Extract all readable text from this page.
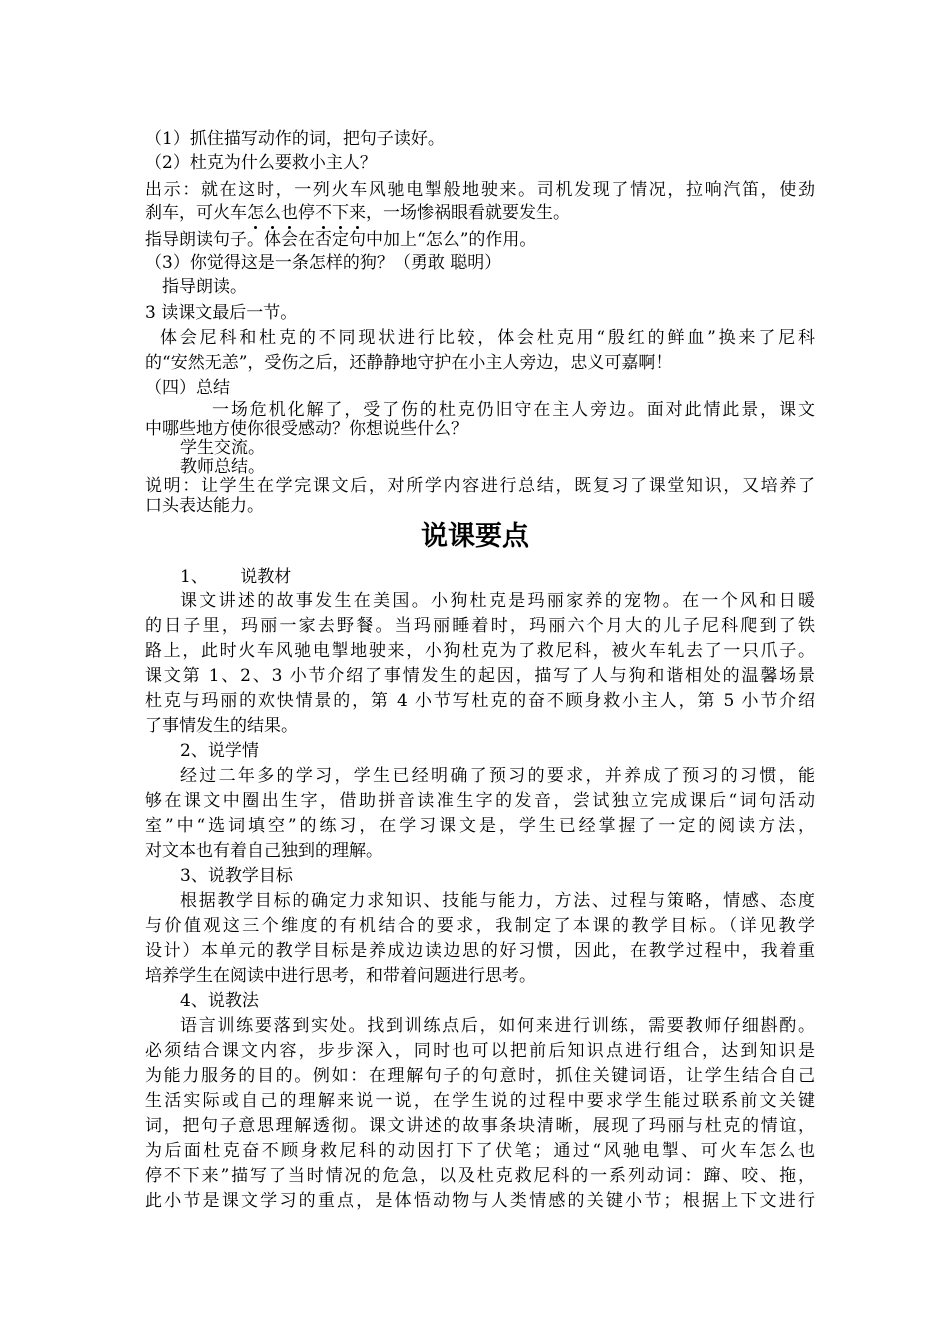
（1）抓住描写动作的词，把句子读好。
（2）杜克为什么要救小主人？
出示：就在这时，一列火车风驰电掣般地驶来。司机发现了情况，拉响汽笛，使劲
刹车，可火车怎么也停不下来，一场惨祸眼看就要发生。
指导朗读句子。体会在否定句中加上“怎么”的作用。
（3）你觉得这是一条怎样的狗？（勇敢 聪明）
指导朗读。
3 读课文最后一节。
体会尼科和杜克的不同现状进行比较，体会杜克用“殷红的鲜血”换来了尼科
的“安然无恙”，受伤之后，还静静地守护在小主人旁边，忠义可嘉啊！
（四）总结
一场危机化解了，受了伤的杜克仍旧守在主人旁边。面对此情此景，课文
中哪些地方使你很受感动？你想说些什么？
学生交流。
教师总结。
说明：让学生在学完课文后，对所学内容进行总结，既复习了课堂知识，又培养了
口头表达能力。
说课要点
1、      说教材
课文讲述的故事发生在美国。小狗杜克是玛丽家养的宠物。在一个风和日暖
的日子里，玛丽一家去野餐。当玛丽睡着时，玛丽六个月大的儿子尼科爬到了铁
路上，此时火车风驰电掣地驶来，小狗杜克为了救尼科，被火车轧去了一只爪子。
课文第 1、2、3 小节介绍了事情发生的起因，描写了人与狗和谐相处的温馨场景
杜克与玛丽的欢快情景的，第 4 小节写杜克的奋不顾身救小主人，第 5 小节介绍
了事情发生的结果。
2、说学情
经过二年多的学习，学生已经明确了预习的要求，并养成了预习的习惯，能
够在课文中圈出生字，借助拼音读准生字的发音，尝试独立完成课后“词句活动
室”中“选词填空”的练习，在学习课文是，学生已经掌握了一定的阅读方法，
对文本也有着自己独到的理解。
3、说教学目标
根据教学目标的确定力求知识、技能与能力，方法、过程与策略，情感、态度
与价值观这三个维度的有机结合的要求，我制定了本课的教学目标。（详见教学
设计）本单元的教学目标是养成边读边思的好习惯，因此，在教学过程中，我着重
培养学生在阅读中进行思考，和带着问题进行思考。
4、说教法
语言训练要落到实处。找到训练点后，如何来进行训练，需要教师仔细斟酌。
必须结合课文内容，步步深入，同时也可以把前后知识点进行组合，达到知识是
为能力服务的目的。例如：在理解句子的句意时，抓住关键词语，让学生结合自己
生活实际或自己的理解来说一说，在学生说的过程中要求学生能过联系前文关键
词，把句子意思理解透彻。课文讲述的故事条块清晰，展现了玛丽与杜克的情谊，
为后面杜克奋不顾身救尼科的动因打下了伏笔；通过“风驰电掣、可火车怎么也
停不下来”描写了当时情况的危急，以及杜克救尼科的一系列动词：蹿、咬、拖，
此小节是课文学习的重点，是体悟动物与人类情感的关键小节；根据上下文进行
